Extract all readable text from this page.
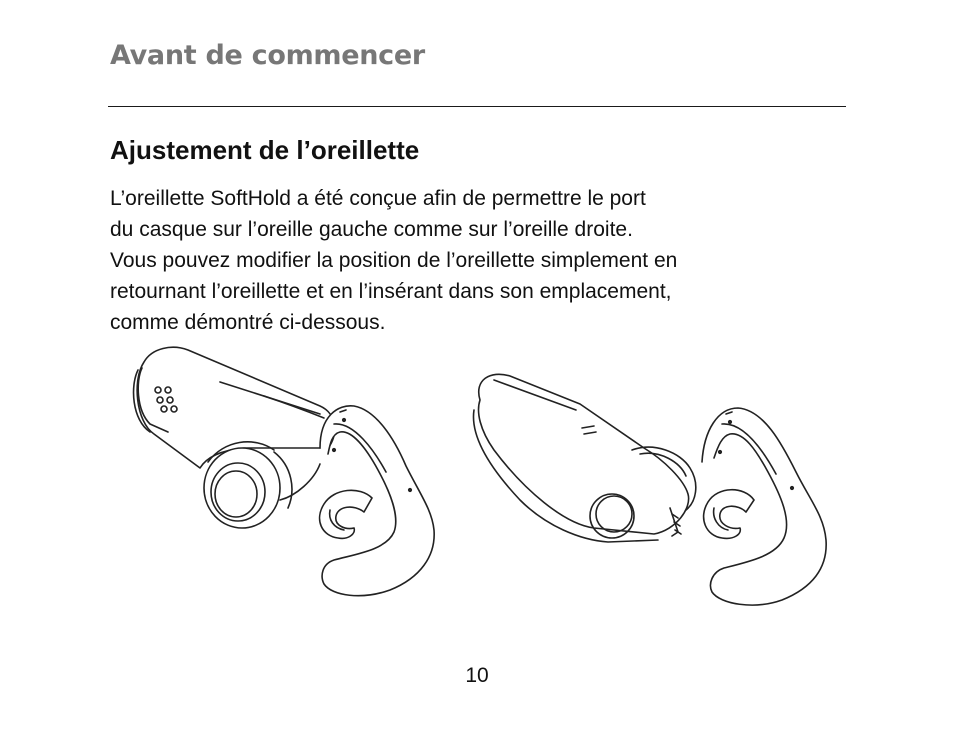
Avant de commencer
Ajustement de l’oreillette

L’oreillette SoftHold a été conçue afin de permettre le port
du casque sur l’oreille gauche comme sur l’oreille droite.
Vous pouvez modifier la position de l’oreillette simplement en
retournant l’oreillette et en l’insérant dans son emplacement,
comme démontré ci-dessous.

10
